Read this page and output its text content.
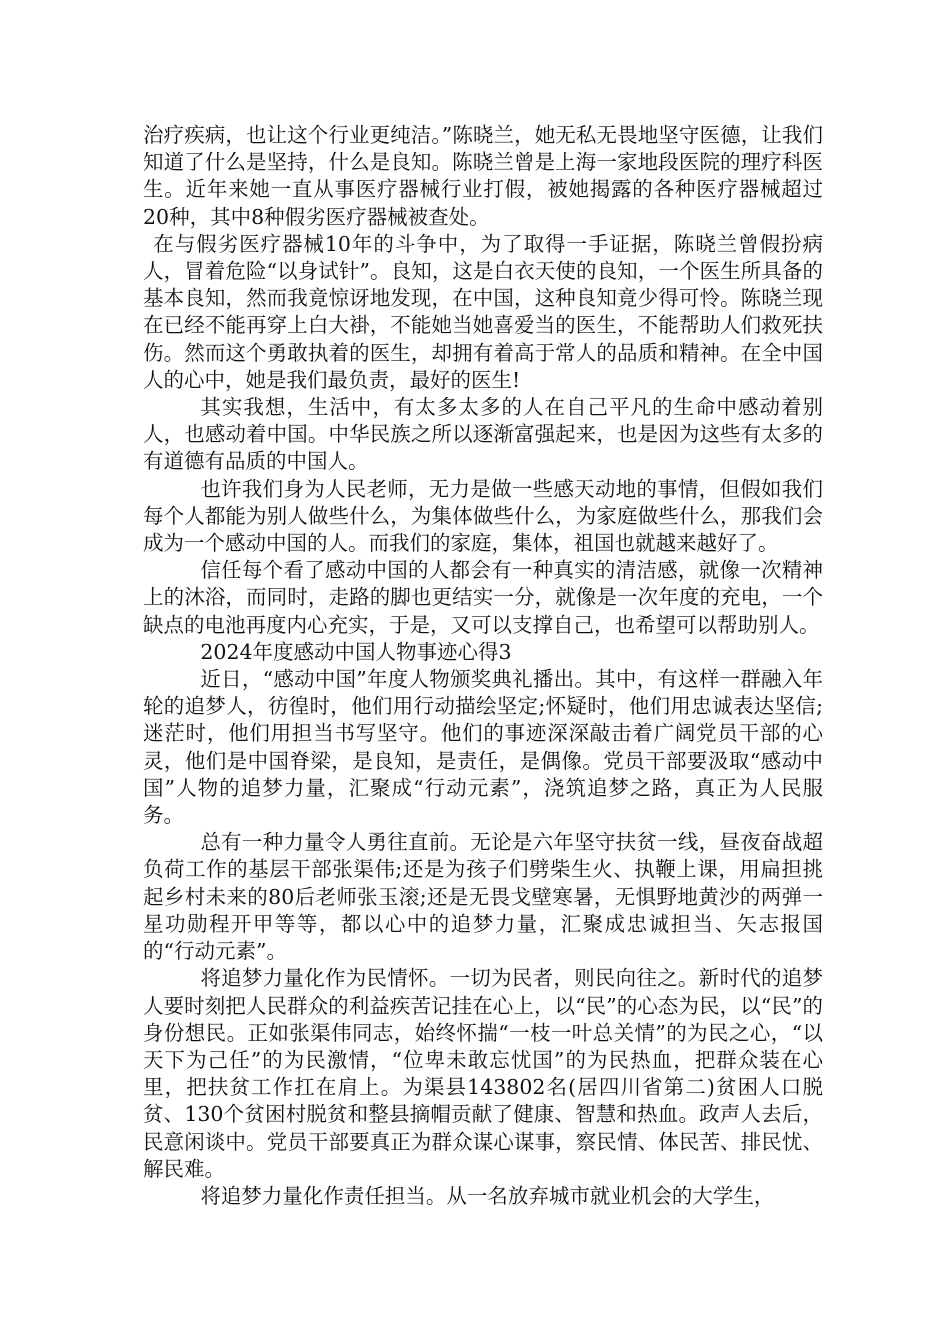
治疗疾病，也让这个行业更纯洁。”陈晓兰，她无私无畏地坚守医德，让我们知道了什么是坚持，什么是良知。陈晓兰曾是上海一家地段医院的理疗科医生。近年来她一直从事医疗器械行业打假，被她揭露的各种医疗器械超过20种，其中8种假劣医疗器械被查处。

在与假劣医疗器械10年的斗争中，为了取得一手证据，陈晓兰曾假扮病人，冒着危险“以身试针”。良知，这是白衣天使的良知，一个医生所具备的基本良知，然而我竟惊讶地发现，在中国，这种良知竟少得可怜。陈晓兰现在已经不能再穿上白大褂，不能她当她喜爱当的医生，不能帮助人们救死扶伤。然而这个勇敢执着的医生，却拥有着高于常人的品质和精神。在全中国人的心中，她是我们最负责，最好的医生!

其实我想，生活中，有太多太多的人在自己平凡的生命中感动着别人，也感动着中国。中华民族之所以逐渐富强起来，也是因为这些有太多的有道德有品质的中国人。

也许我们身为人民老师，无力是做一些感天动地的事情，但假如我们每个人都能为别人做些什么，为集体做些什么，为家庭做些什么，那我们会成为一个感动中国的人。而我们的家庭，集体，祖国也就越来越好了。

信任每个看了感动中国的人都会有一种真实的清洁感，就像一次精神上的沐浴，而同时，走路的脚也更结实一分，就像是一次年度的充电，一个缺点的电池再度内心充实，于是，又可以支撑自己，也希望可以帮助别人。

2024年度感动中国人物事迹心得3

近日，“感动中国”年度人物颁奖典礼播出。其中，有这样一群融入年轮的追梦人，彷徨时，他们用行动描绘坚定;怀疑时，他们用忠诚表达坚信;迷茫时，他们用担当书写坚守。他们的事迹深深敲击着广阔党员干部的心灵，他们是中国脊梁，是良知，是责任，是偶像。党员干部要汲取“感动中国”人物的追梦力量，汇聚成“行动元素”，浇筑追梦之路，真正为人民服务。

总有一种力量令人勇往直前。无论是六年坚守扶贫一线，昼夜奋战超负荷工作的基层干部张渠伟;还是为孩子们劈柴生火、执鞭上课，用扁担挑起乡村未来的80后老师张玉滚;还是无畏戈壁寒暑，无惧野地黄沙的两弹一星功勋程开甲等等，都以心中的追梦力量，汇聚成忠诚担当、矢志报国的“行动元素”。

将追梦力量化作为民情怀。一切为民者，则民向往之。新时代的追梦人要时刻把人民群众的利益疾苦记挂在心上，以“民”的心态为民，以“民”的身份想民。正如张渠伟同志，始终怀揣“一枝一叶总关情”的为民之心，“以天下为己任”的为民激情，“位卑未敢忘忧国”的为民热血，把群众装在心里，把扶贫工作扛在肩上。为渠县143802名(居四川省第二)贫困人口脱贫、130个贫困村脱贫和整县摘帽贡献了健康、智慧和热血。政声人去后，民意闲谈中。党员干部要真正为群众谋心谋事，察民情、体民苦、排民忧、解民难。

将追梦力量化作责任担当。从一名放弃城市就业机会的大学生，
